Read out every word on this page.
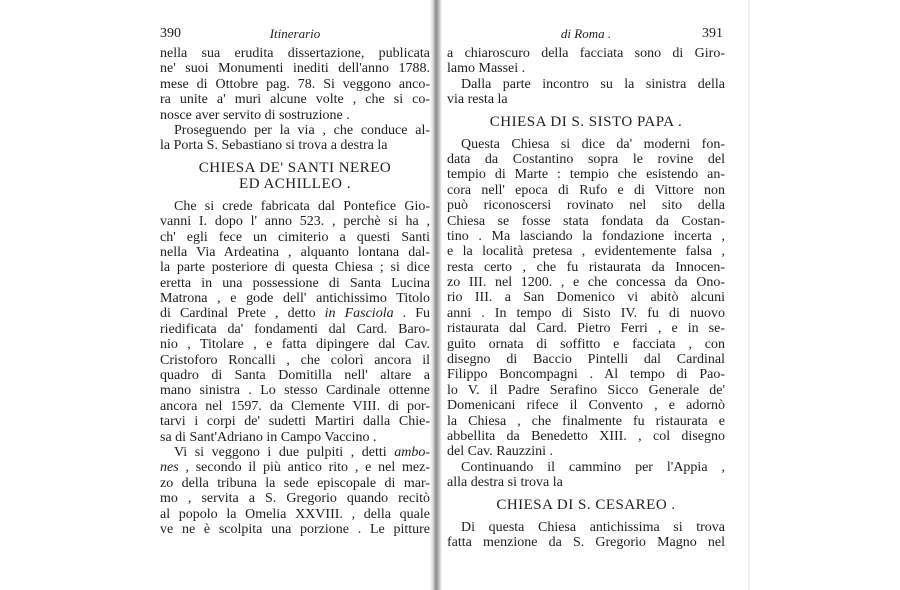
390	Itinerario
nella sua erudita dissertazione, publicata
ne' suoi Monumenti inediti dell'anno 1788.
mese di Ottobre pag. 78. Si veggono anco-
ra unite a' muri alcune volte , che si co-
nosce aver servito di sostruzione .
Proseguendo per la via , che conduce al-
la Porta S. Sebastiano si trova a destra la
CHIESA DE' SANTI NEREO
ED ACHILLEO .
Che si crede fabricata dal Pontefice Gio-
vanni I. dopo l' anno 523. , perchè si ha ,
ch' egli fece un cimiterio a questi Santi
nella Via Ardeatina , alquanto lontana dal-
la parte posteriore di questa Chiesa ; si dice
eretta in una possessione di Santa Lucina
Matrona , e gode dell' antichissimo Titolo
di Cardinal Prete , detto in Fasciola . Fu
riedificata da' fondamenti dal Card. Baro-
nio , Titolare , e fatta dipingere dal Cav.
Cristoforo Roncalli , che colorì ancora il
quadro di Santa Domitilla nell' altare a
mano sinistra . Lo stesso Cardinale ottenne
ancora nel 1597. da Clemente VIII. di por-
tarvi i corpi de' sudetti Martiri dalla Chie-
sa di Sant'Adriano in Campo Vaccino .
Vi si veggono i due pulpiti , detti ambo-
nes , secondo il più antico rito , e nel mez-
zo della tribuna la sede episcopale di mar-
mo , servita a S. Gregorio quando recitò
al popolo la Omelia XXVIII. , della quale
ve ne è scolpita una porzione . Le pitture
di Roma .	391
a chiaroscuro della facciata sono di Giro-
lamo Massei .
Dalla parte incontro su la sinistra della
via resta la
CHIESA DI S. SISTO PAPA .
Questa Chiesa si dice da' moderni fon-
data da Costantino sopra le rovine del
tempio di Marte : tempio che esistendo an-
cora nell' epoca di Rufo e di Vittore non
può riconoscersi rovinato nel sito della
Chiesa se fosse stata fondata da Costan-
tino . Ma lasciando la fondazione incerta ,
e la località pretesa , evidentemente falsa ,
resta certo , che fu ristaurata da Innocen-
zo III. nel 1200. , e che concessa da Ono-
rio III. a San Domenico vi abitò alcuni
anni . In tempo di Sisto IV. fu di nuovo
ristaurata dal Card. Pietro Ferri , e in se-
guito ornata di soffitto e facciata , con
disegno di Baccio Pintelli dal Cardinal
Filippo Boncompagni . Al tempo di Pao-
lo V. il Padre Serafino Sicco Generale de'
Domenicani rifece il Convento , e adornò
la Chiesa , che finalmente fu ristaurata e
abbellita da Benedetto XIII. , col disegno
del Cav. Rauzzini .
Continuando il cammino per l'Appia ,
alla destra si trova la
CHIESA DI S. CESAREO .
Di questa Chiesa antichissima si trova
fatta menzione da S. Gregorio Magno nel
